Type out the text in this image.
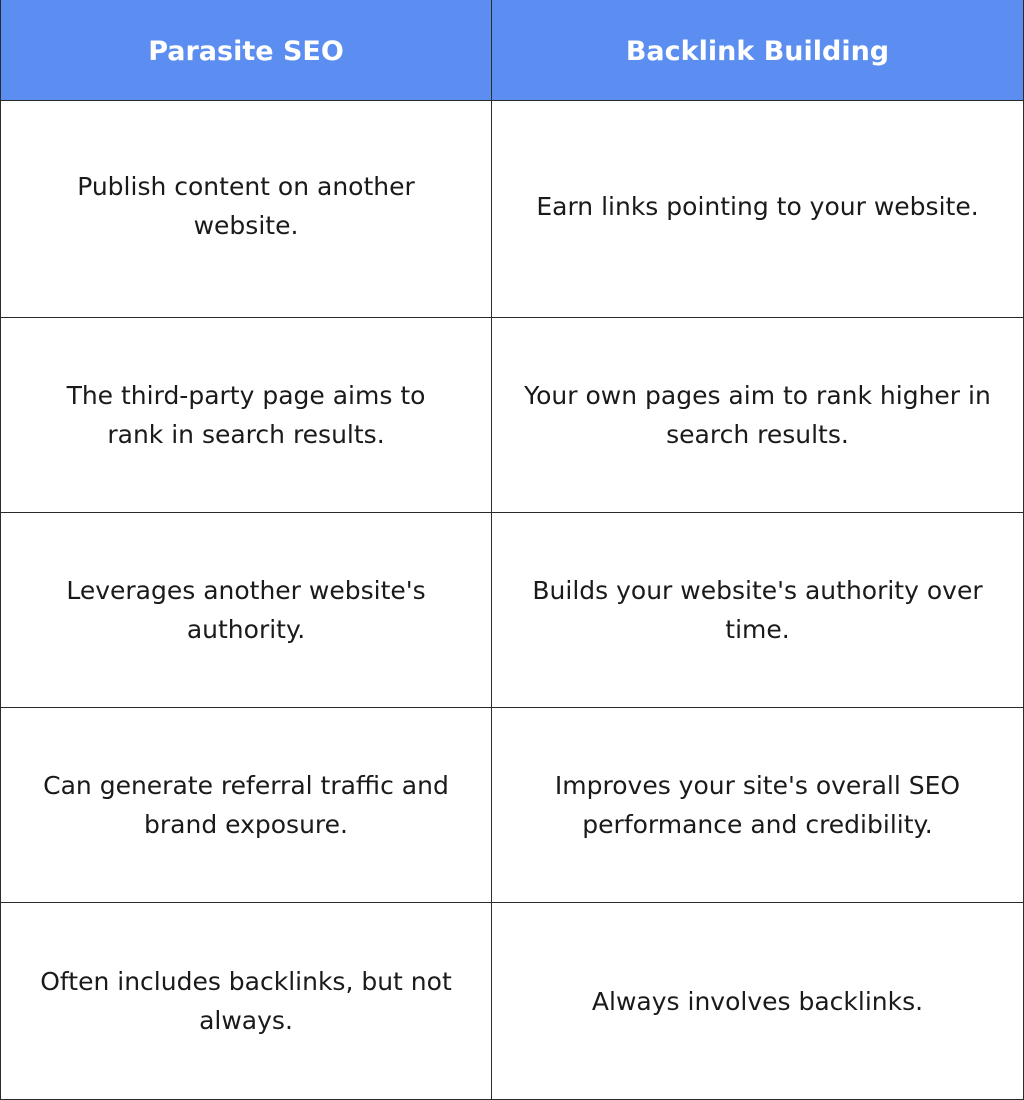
Parasite SEO	Backlink Building
Publish content on another website.
Earn links pointing to your website.
The third-party page aims to rank in search results.
Your own pages aim to rank higher in search results.
Leverages another website's authority.
Builds your website's authority over time.
Can generate referral traffic and brand exposure.
Improves your site's overall SEO performance and credibility.
Often includes backlinks, but not always.
Always involves backlinks.
